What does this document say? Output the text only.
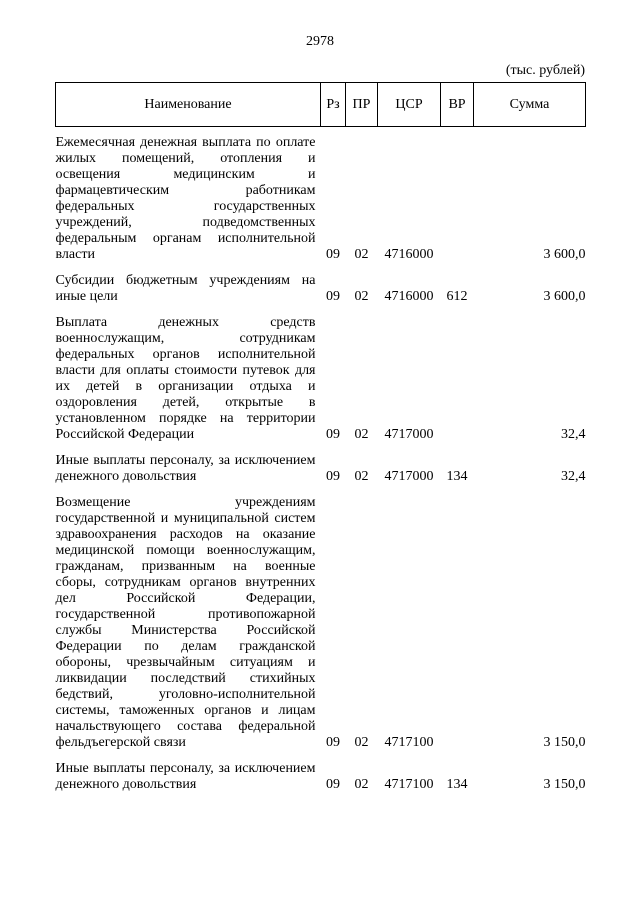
2978
(тыс. рублей)
Наименование	Рз	ПР	ЦСР	ВР	Сумма
Ежемесячная денежная выплата по оплате жилых помещений, отопления и освещения медицинским и фармацевтическим работникам федеральных государственных учреждений, подведомственных федеральным органам исполнительной власти	09	02	4716000		3 600,0
Субсидии бюджетным учреждениям на иные цели	09	02	4716000	612	3 600,0
Выплата денежных средств военнослужащим, сотрудникам федеральных органов исполнительной власти для оплаты стоимости путевок для их детей в организации отдыха и оздоровления детей, открытые в установленном порядке на территории Российской Федерации	09	02	4717000		32,4
Иные выплаты персоналу, за исключением денежного довольствия	09	02	4717000	134	32,4
Возмещение учреждениям государственной и муниципальной систем здравоохранения расходов на оказание медицинской помощи военнослужащим, гражданам, призванным на военные сборы, сотрудникам органов внутренних дел Российской Федерации, государственной противопожарной службы Министерства Российской Федерации по делам гражданской обороны, чрезвычайным ситуациям и ликвидации последствий стихийных бедствий, уголовно-исполнительной системы, таможенных органов и лицам начальствующего состава федеральной фельдъегерской связи	09	02	4717100		3 150,0
Иные выплаты персоналу, за исключением денежного довольствия	09	02	4717100	134	3 150,0
